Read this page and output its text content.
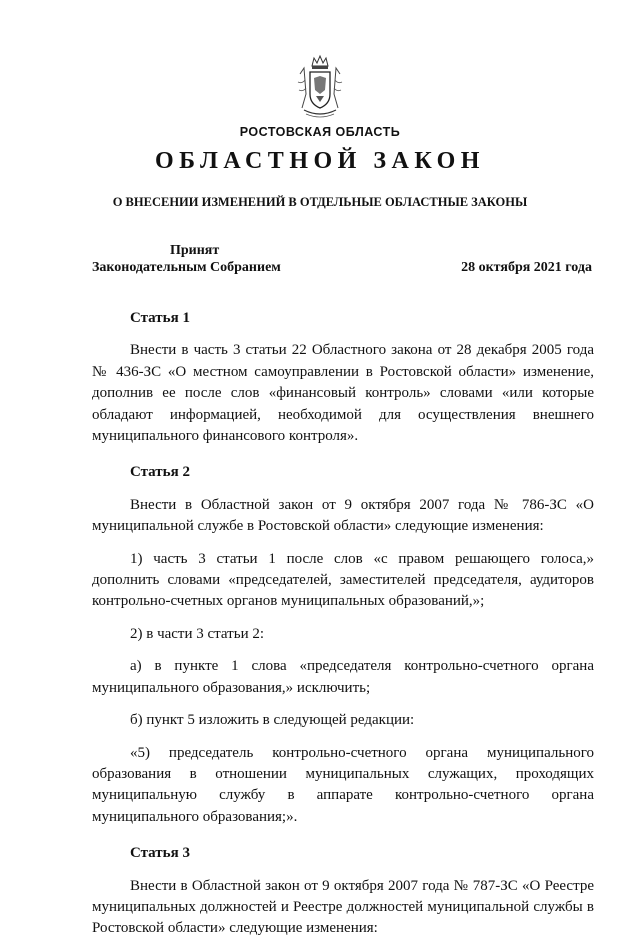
РОСТОВСКАЯ ОБЛАСТЬ
ОБЛАСТНОЙ ЗАКОН
О ВНЕСЕНИИ ИЗМЕНЕНИЙ В ОТДЕЛЬНЫЕ ОБЛАСТНЫЕ ЗАКОНЫ
Принят
Законодательным Собранием	28 октября 2021 года
Статья 1

Внести в часть 3 статьи 22 Областного закона от 28 декабря 2005 года № 436-ЗС «О местном самоуправлении в Ростовской области» изменение, дополнив ее после слов «финансовый контроль» словами «или которые обладают информацией, необходимой для осуществления внешнего муниципального финансового контроля».

Статья 2

Внести в Областной закон от 9 октября 2007 года № 786-ЗС «О муниципальной службе в Ростовской области» следующие изменения:

1) часть 3 статьи 1 после слов «с правом решающего голоса,» дополнить словами «председателей, заместителей председателя, аудиторов контрольно-счетных органов муниципальных образований,»;

2) в части 3 статьи 2:

а) в пункте 1 слова «председателя контрольно-счетного органа муниципального образования,» исключить;

б) пункт 5 изложить в следующей редакции:

«5) председатель контрольно-счетного органа муниципального образования в отношении муниципальных служащих, проходящих муниципальную службу в аппарате контрольно-счетного органа муниципального образования;».

Статья 3

Внести в Областной закон от 9 октября 2007 года № 787-ЗС «О Реестре муниципальных должностей и Реестре должностей муниципальной службы в Ростовской области» следующие изменения:
